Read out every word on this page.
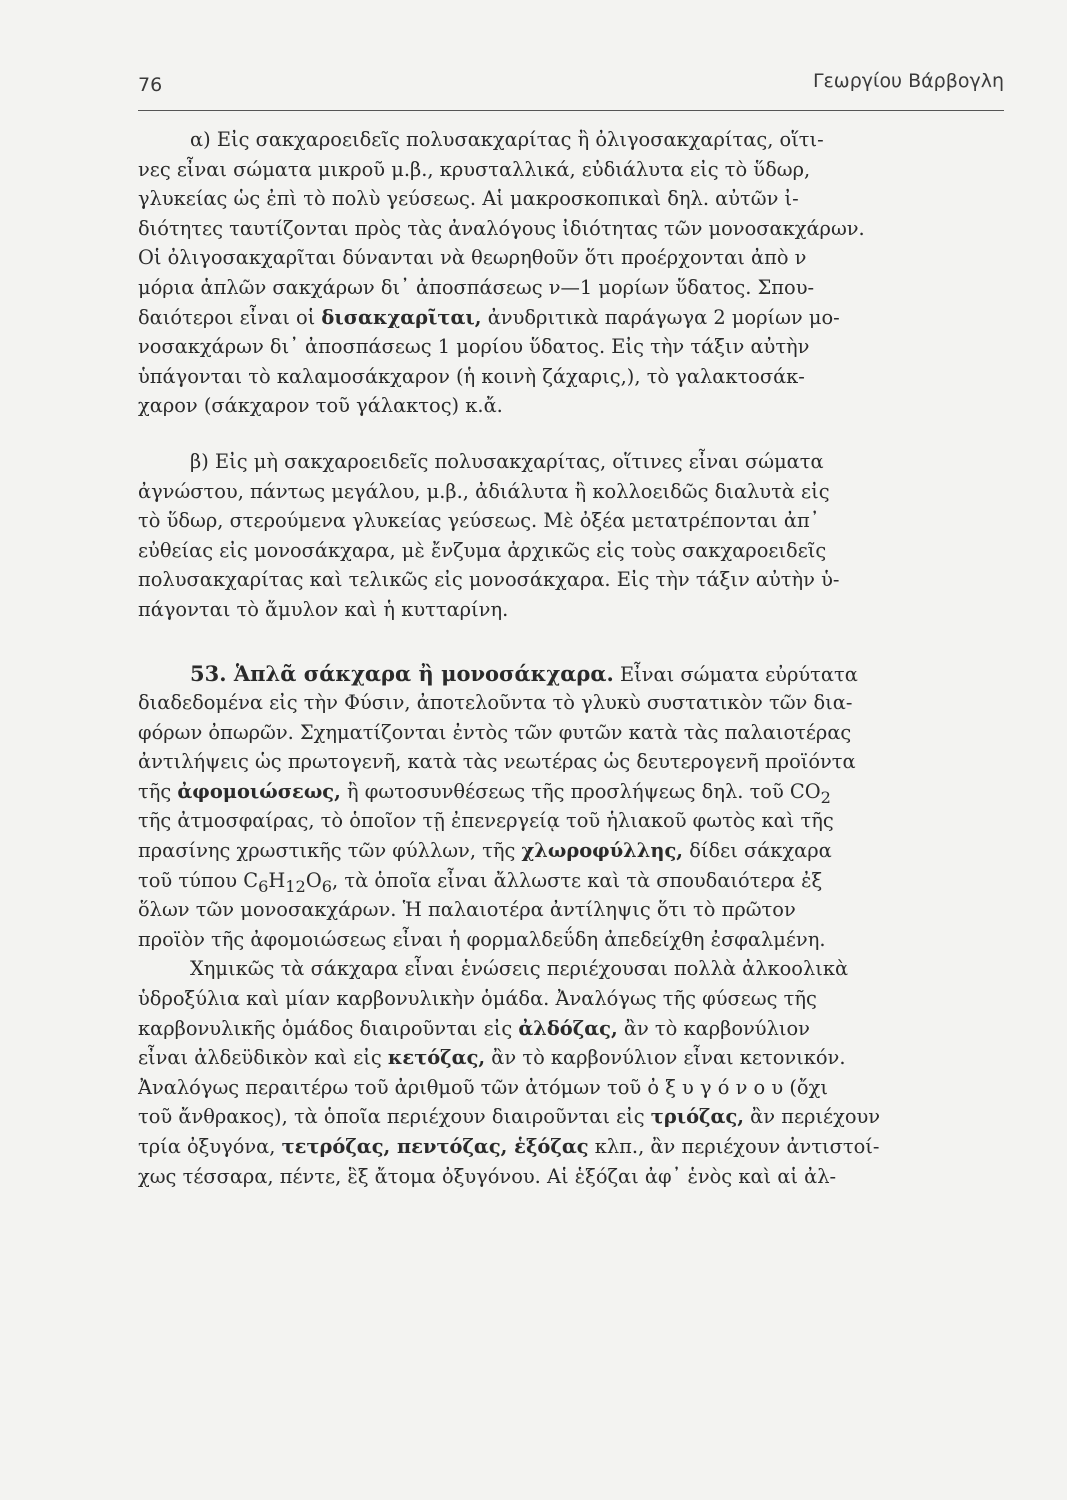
76	Γεωργίου Βάρβογλη
α) Εἰς σακχαροειδεῖς πολυσακχαρίτας ἢ ὀλιγοσακχαρίτας, οἵτι-
νες εἶναι σώματα μικροῦ μ.β., κρυσταλλικά, εὐδιάλυτα εἰς τὸ ὕδωρ,
γλυκείας ὡς ἐπὶ τὸ πολὺ γεύσεως. Αἱ μακροσκοπικαὶ δηλ. αὐτῶν ἰ-
διότητες ταυτίζονται πρὸς τὰς ἀναλόγους ἰδιότητας τῶν μονοσακχάρων.
Οἱ ὀλιγοσακχαρῖται δύνανται νὰ θεωρηθοῦν ὅτι προέρχονται ἀπὸ ν
μόρια ἁπλῶν σακχάρων δι᾽ ἀποσπάσεως ν—1 μορίων ὕδατος. Σπου-
δαιότεροι εἶναι οἱ δισακχαρῖται, ἀνυδριτικὰ παράγωγα 2 μορίων μο-
νοσακχάρων δι᾽ ἀποσπάσεως 1 μορίου ὕδατος. Εἰς τὴν τάξιν αὐτὴν
ὑπάγονται τὸ καλαμοσάκχαρον (ἡ κοινὴ ζάχαρις,), τὸ γαλακτοσάκ-
χαρον (σάκχαρον τοῦ γάλακτος) κ.ἄ.
β) Εἰς μὴ σακχαροειδεῖς πολυσακχαρίτας, οἵτινες εἶναι σώματα
ἀγνώστου, πάντως μεγάλου, μ.β., ἀδιάλυτα ἢ κολλοειδῶς διαλυτὰ εἰς
τὸ ὕδωρ, στερούμενα γλυκείας γεύσεως. Μὲ ὀξέα μετατρέπονται ἀπ᾽
εὐθείας εἰς μονοσάκχαρα, μὲ ἔνζυμα ἀρχικῶς εἰς τοὺς σακχαροειδεῖς
πολυσακχαρίτας καὶ τελικῶς εἰς μονοσάκχαρα. Εἰς τὴν τάξιν αὐτὴν ὑ-
πάγονται τὸ ἄμυλον καὶ ἡ κυτταρίνη.
53. Ἁπλᾶ σάκχαρα ἢ μονοσάκχαρα. Εἶναι σώματα εὐρύτατα
διαδεδομένα εἰς τὴν Φύσιν, ἀποτελοῦντα τὸ γλυκὺ συστατικὸν τῶν δια-
φόρων ὀπωρῶν. Σχηματίζονται ἐντὸς τῶν φυτῶν κατὰ τὰς παλαιοτέρας
ἀντιλήψεις ὡς πρωτογενῆ, κατὰ τὰς νεωτέρας ὡς δευτερογενῆ προϊόντα
τῆς ἀφομοιώσεως, ἢ φωτοσυνθέσεως τῆς προσλήψεως δηλ. τοῦ $CO_2$
τῆς ἀτμοσφαίρας, τὸ ὁποῖον τῇ ἐπενεργείᾳ τοῦ ἡλιακοῦ φωτὸς καὶ τῆς
πρασίνης χρωστικῆς τῶν φύλλων, τῆς χλωροφύλλης, δίδει σάκχαρα
τοῦ τύπου $C_6H_{12}O_6$, τὰ ὁποῖα εἶναι ἄλλωστε καὶ τὰ σπουδαιότερα ἐξ
ὅλων τῶν μονοσακχάρων. Ἡ παλαιοτέρα ἀντίληψις ὅτι τὸ πρῶτον
προϊὸν τῆς ἀφομοιώσεως εἶναι ἡ φορμαλδεΰδη ἀπεδείχθη ἐσφαλμένη.
Χημικῶς τὰ σάκχαρα εἶναι ἑνώσεις περιέχουσαι πολλὰ ἀλκοολικὰ
ὑδροξύλια καὶ μίαν καρβονυλικὴν ὁμάδα. Ἀναλόγως τῆς φύσεως τῆς
καρβονυλικῆς ὁμάδος διαιροῦνται εἰς ἀλδόζας, ἂν τὸ καρβονύλιον
εἶναι ἀλδεϋδικὸν καὶ εἰς κετόζας, ἂν τὸ καρβονύλιον εἶναι κετονικόν.
Ἀναλόγως περαιτέρω τοῦ ἀριθμοῦ τῶν ἀτόμων τοῦ ὀ ξ υ γ ό ν ο υ (ὄχι
τοῦ ἄνθρακος), τὰ ὁποῖα περιέχουν διαιροῦνται εἰς τριόζας, ἂν περιέχουν
τρία ὀξυγόνα, τετρόζας, πεντόζας, ἑξόζας κλπ., ἂν περιέχουν ἀντιστοί-
χως τέσσαρα, πέντε, ἓξ ἄτομα ὀξυγόνου. Αἱ ἑξόζαι ἀφ᾽ ἑνὸς καὶ αἱ ἀλ-
